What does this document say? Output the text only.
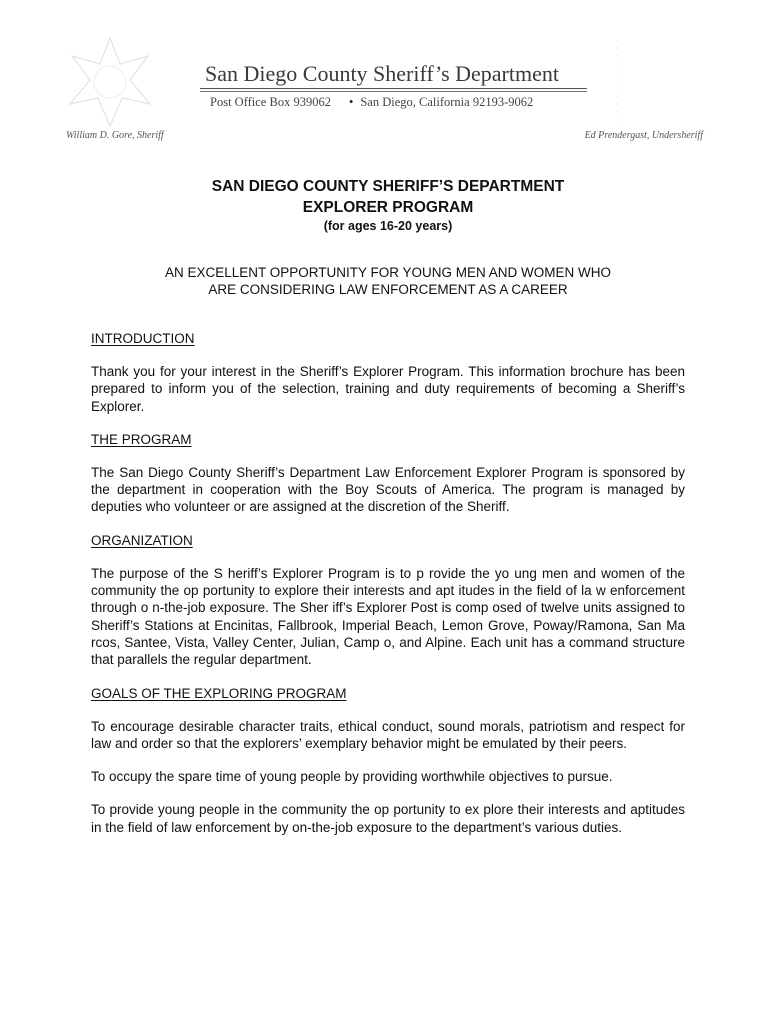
San Diego County Sheriff’s Department
Post Office Box 939062 • San Diego, California 92193-9062
William D. Gore, Sheriff	Ed Prendergast, Undersheriff

SAN DIEGO COUNTY SHERIFF’S DEPARTMENT

EXPLORER PROGRAM

(for ages 16-20 years)

AN EXCELLENT OPPORTUNITY FOR YOUNG MEN AND WOMEN WHO

ARE CONSIDERING LAW ENFORCEMENT AS A CAREER

INTRODUCTION

Thank you for your interest in the Sheriff’s Explorer Program. This information brochure has been prepared to inform you of the selection, training and duty requirements of becoming a Sheriff’s Explorer.

THE PROGRAM

The San Diego County Sheriff’s Department Law Enforcement Explorer Program is sponsored by the department in cooperation with the Boy Scouts of America. The program is managed by deputies who volunteer or are assigned at the discretion of the Sheriff.

ORGANIZATION

The purpose of the S heriff’s Explorer Program is to p rovide the yo ung men and women of the community the op portunity to explore their interests and apt itudes in the field of la w enforcement through o n-the-job exposure. The Sher iff’s Explorer Post is comp osed of twelve units assigned to Sheriff’s Stations at Encinitas, Fallbrook, Imperial Beach, Lemon Grove, Poway/Ramona, San Ma rcos, Santee, Vista, Valley Center, Julian, Camp o, and Alpine. Each unit has a command structure that parallels the regular department.

GOALS OF THE EXPLORING PROGRAM

To encourage desirable character traits, ethical conduct, sound morals, patriotism and respect for law and order so that the explorers’ exemplary behavior might be emulated by their peers.

To occupy the spare time of young people by providing worthwhile objectives to pursue.

To provide young people in the community the op portunity to ex plore their interests and aptitudes in the field of law enforcement by on-the-job exposure to the department’s various duties.
